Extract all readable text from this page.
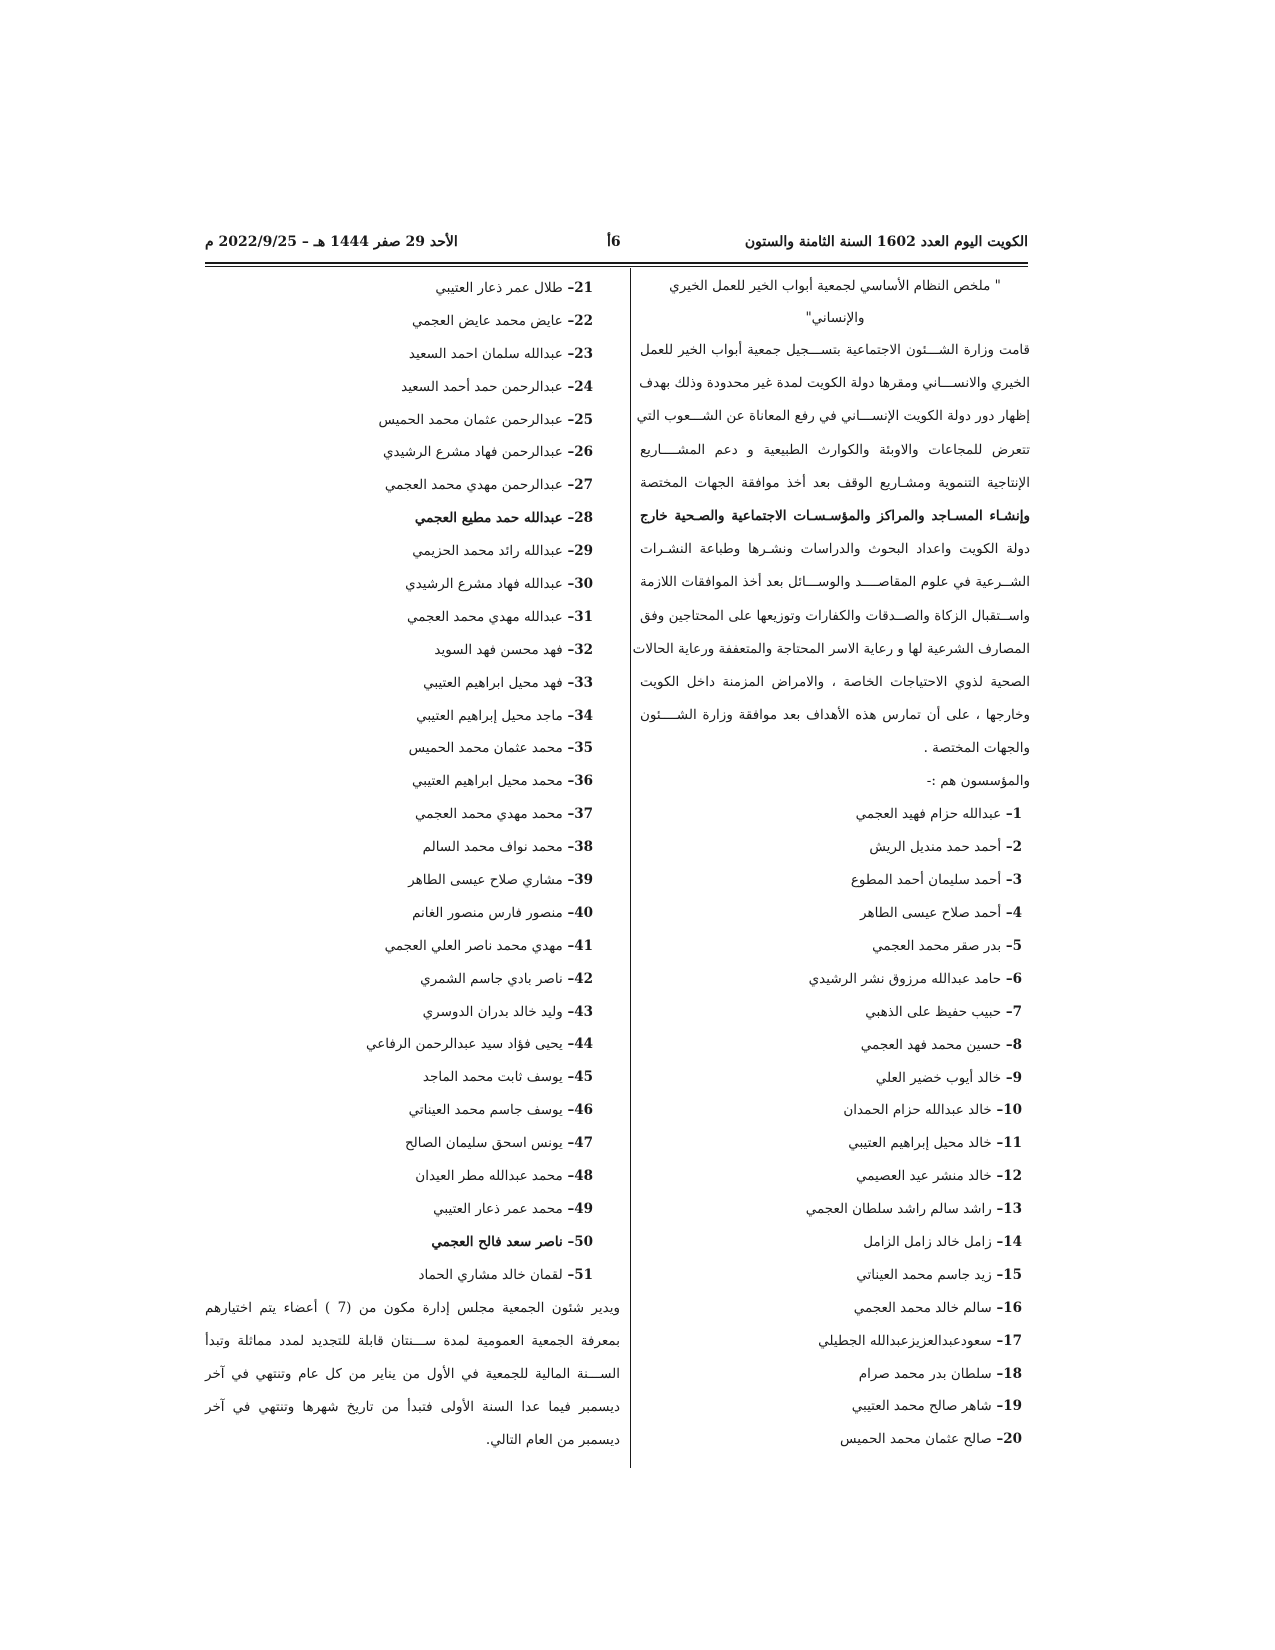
الكويت اليوم العدد 1602 السنة الثامنة والستون
6أ
الأحد 29 صفر 1444 هـ – 2022/9/25 م
" ملخص النظام الأساسي لجمعية أبواب الخير للعمل الخيري
والإنساني"
قامت وزارة الشـــئون الاجتماعية بتســـجيل جمعية أبواب الخير للعمل
الخيري والانســـاني ومقرها دولة الكويت لمدة غير محدودة وذلك بهدف
إظهار دور دولة الكويت الإنســـاني في رفع المعاناة عن الشـــعوب التي
تتعرض للمجاعات والاوبئة والكوارث الطبيعية و دعم المشــــاريع
الإنتاجية التنموية ومشـاريع الوقف بعد أخذ موافقة الجهات المختصة
وإنشـاء المسـاجد والمراكز والمؤسـسـات الاجتماعية والصـحية خارج
دولة الكويت واعداد البحوث والدراسات ونشـرها وطباعة النشـرات
الشــرعية في علوم المقاصــــد والوســـائل بعد أخذ الموافقات اللازمة
واســتقبال الزكاة والصــدقات والكفارات وتوزيعها على المحتاجين وفق
المصارف الشرعية لها و رعاية الاسر المحتاجة والمتعففة ورعاية الحالات
الصحية لذوي الاحتياجات الخاصة ، والامراض المزمنة داخل الكويت
وخارجها ، على أن تمارس هذه الأهداف بعد موافقة وزارة الشــــئون
والجهات المختصة .
والمؤسسون هم :-
1– عبدالله حزام فهيد العجمي
2– أحمد حمد منديل الريش
3– أحمد سليمان أحمد المطوع
4– أحمد صلاح عيسى الطاهر
5– بدر صقر محمد العجمي
6– حامد عبدالله مرزوق نشر الرشيدي
7– حبيب حفيظ على الذهبي
8– حسين محمد فهد العجمي
9– خالد أيوب خضير العلي
10– خالد عبدالله حزام الحمدان
11– خالد محيل إبراهيم العتيبي
12– خالد منشر عيد العصيمي
13– راشد سالم راشد سلطان العجمي
14– زامل خالد زامل الزامل
15– زيد جاسم محمد العيناتي
16– سالم خالد محمد العجمي
17– سعودعبدالعزيزعبدالله الجطيلي
18– سلطان بدر محمد صرام
19– شاهر صالح محمد العتيبي
20– صالح عثمان محمد الحميس
21– طلال عمر ذعار العتيبي
22– عايض محمد عايض العجمي
23– عبدالله سلمان احمد السعيد
24– عبدالرحمن حمد أحمد السعيد
25– عبدالرحمن عثمان محمد الحميس
26– عبدالرحمن فهاد مشرع الرشيدي
27– عبدالرحمن مهدي محمد العجمي
28– عبدالله حمد مطيع العجمي
29– عبدالله رائد محمد الحزيمي
30– عبدالله فهاد مشرع الرشيدي
31– عبدالله مهدي محمد العجمي
32– فهد محسن فهد السويد
33– فهد محيل ابراهيم العتيبي
34– ماجد محيل إبراهيم العتيبي
35– محمد عثمان محمد الحميس
36– محمد محيل ابراهيم العتيبي
37– محمد مهدي محمد العجمي
38– محمد نواف محمد السالم
39– مشاري صلاح عيسى الطاهر
40– منصور فارس منصور الغانم
41– مهدي محمد ناصر العلي العجمي
42– ناصر بادي جاسم الشمري
43– وليد خالد بدران الدوسري
44– يحيى فؤاد سيد عبدالرحمن الرفاعي
45– يوسف ثابت محمد الماجد
46– يوسف جاسم محمد العيناتي
47– يونس اسحق سليمان الصالح
48– محمد عبدالله مطر العيدان
49– محمد عمر ذعار العتيبي
50– ناصر سعد فالح العجمي
51– لقمان خالد مشاري الحماد
ويدير شئون الجمعية مجلس إدارة مكون من (7 ) أعضاء يتم اختيارهم
بمعرفة الجمعية العمومية لمدة ســـنتان قابلة للتجديد لمدد مماثلة وتبدأ
الســـنة المالية للجمعية في الأول من يناير من كل عام وتنتهي في آخر
ديسمبر فيما عدا السنة الأولى فتبدأ من تاريخ شهرها وتنتهي في آخر
ديسمبر من العام التالي.
